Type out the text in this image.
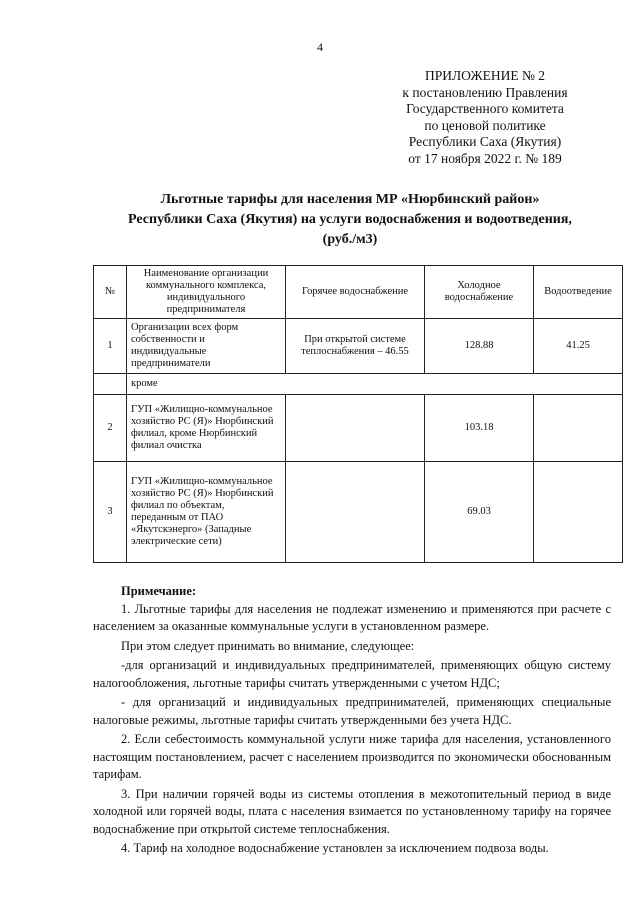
4
ПРИЛОЖЕНИЕ № 2
к постановлению Правления
Государственного комитета
по ценовой политике
Республики Саха (Якутия)
от 17 ноября 2022 г. № 189
Льготные тарифы для населения МР «Нюрбинский район»
Республики Саха (Якутия) на услуги водоснабжения и водоотведения,
(руб./м3)
№	Наименование организации коммунального комплекса, индивидуального предпринимателя	Горячее водоснабжение	Холодное водоснабжение	Водоотведение
1	Организации всех форм собственности и индивидуальные предприниматели	При открытой системе теплоснабжения – 46.55	128.88	41.25
	кроме			
2	ГУП «Жилищно-коммунальное хозяйство РС (Я)» Нюрбинский филиал, кроме Нюрбинский филиал очистка		103.18	
3	ГУП «Жилищно-коммунальное хозяйство РС (Я)» Нюрбинский филиал по объектам, переданным от ПАО «Якутскэнерго» (Западные электрические сети)		69.03	

Примечание:

1. Льготные тарифы для населения не подлежат изменению и применяются при расчете с населением за оказанные коммунальные услуги в установленном размере.

При этом следует принимать во внимание, следующее:

-для организаций и индивидуальных предпринимателей, применяющих общую систему налогообложения, льготные тарифы считать утвержденными с учетом НДС;

- для организаций и индивидуальных предпринимателей, применяющих специальные налоговые режимы, льготные тарифы считать утвержденными без учета НДС.

2. Если себестоимость коммунальной услуги ниже тарифа для населения, установленного настоящим постановлением, расчет с населением производится по экономически обоснованным тарифам.

3. При наличии горячей воды из системы отопления в межотопительный период в виде холодной или горячей воды, плата с населения взимается по установленному тарифу на горячее водоснабжение при открытой системе теплоснабжения.

4. Тариф на холодное водоснабжение установлен за исключением подвоза воды.
